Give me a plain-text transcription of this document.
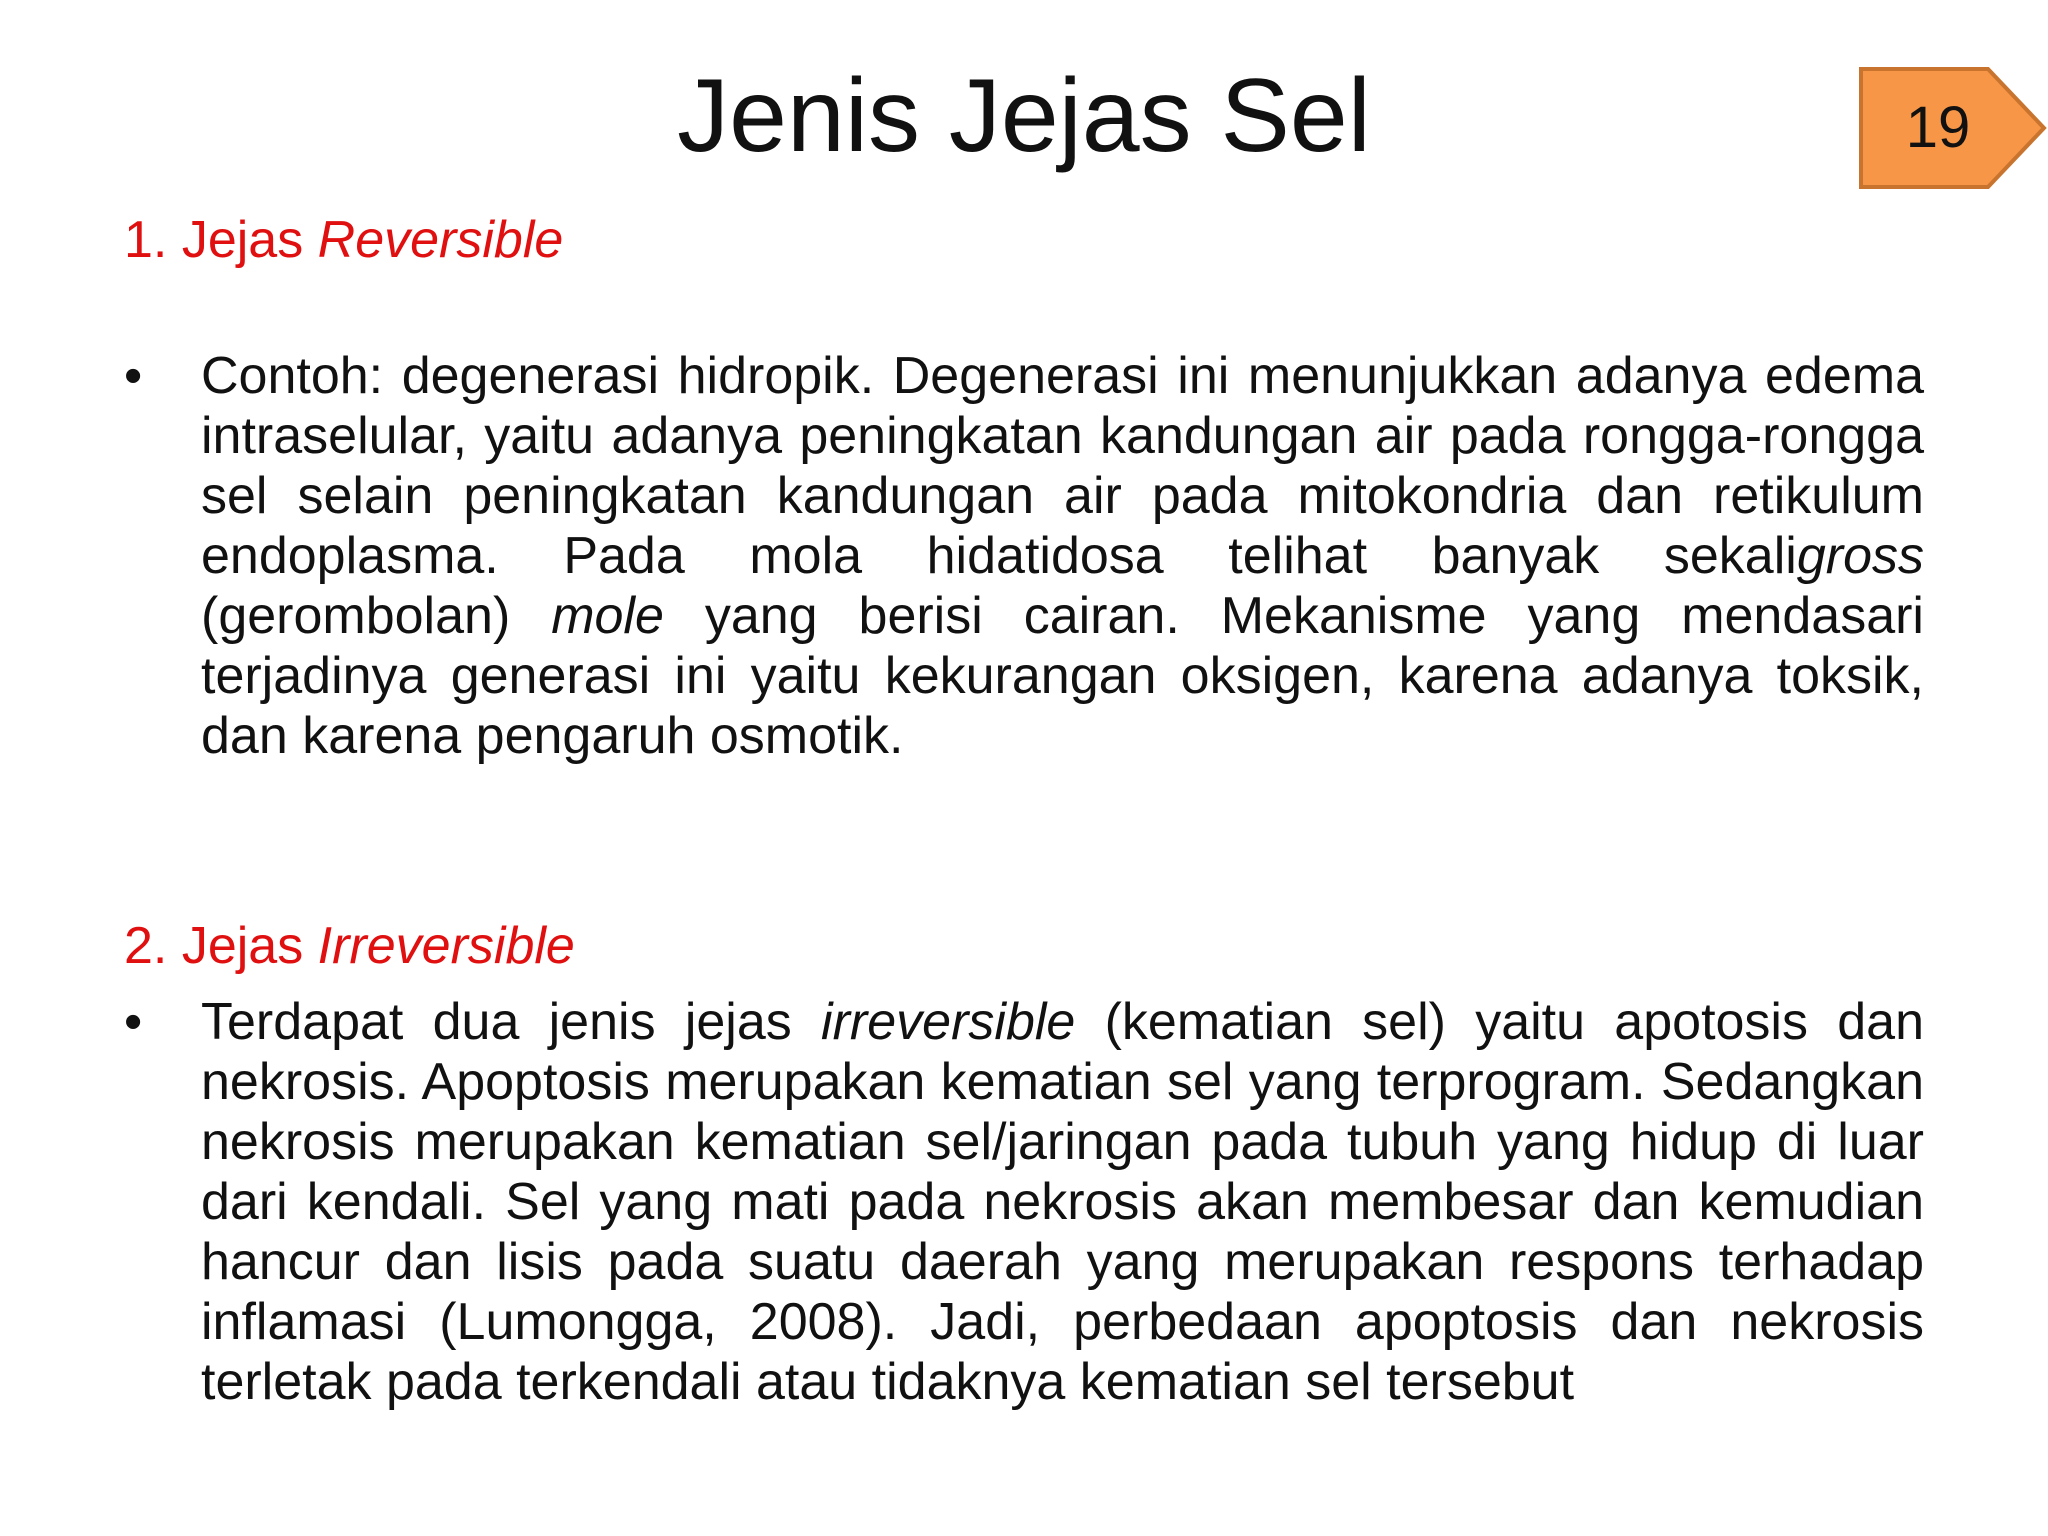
Jenis Jejas Sel	19
1. Jejas Reversible
•	Contoh: degenerasi hidropik. Degenerasi ini menunjukkan adanya edema intraselular, yaitu adanya peningkatan kandungan air pada rongga-rongga sel selain peningkatan kandungan air pada mitokondria dan retikulum endoplasma. Pada mola hidatidosa telihat banyak sekaligross (gerombolan) mole yang berisi cairan. Mekanisme yang mendasari terjadinya generasi ini yaitu kekurangan oksigen, karena adanya toksik, dan karena pengaruh osmotik.

2. Jejas Irreversible
•	Terdapat dua jenis jejas irreversible (kematian sel) yaitu apotosis dan nekrosis. Apoptosis merupakan kematian sel yang terprogram. Sedangkan nekrosis merupakan kematian sel/jaringan pada tubuh yang hidup di luar dari kendali. Sel yang mati pada nekrosis akan membesar dan kemudian hancur dan lisis pada suatu daerah yang merupakan respons terhadap inflamasi (Lumongga, 2008). Jadi, perbedaan apoptosis dan nekrosis terletak pada terkendali atau tidaknya kematian sel tersebut
